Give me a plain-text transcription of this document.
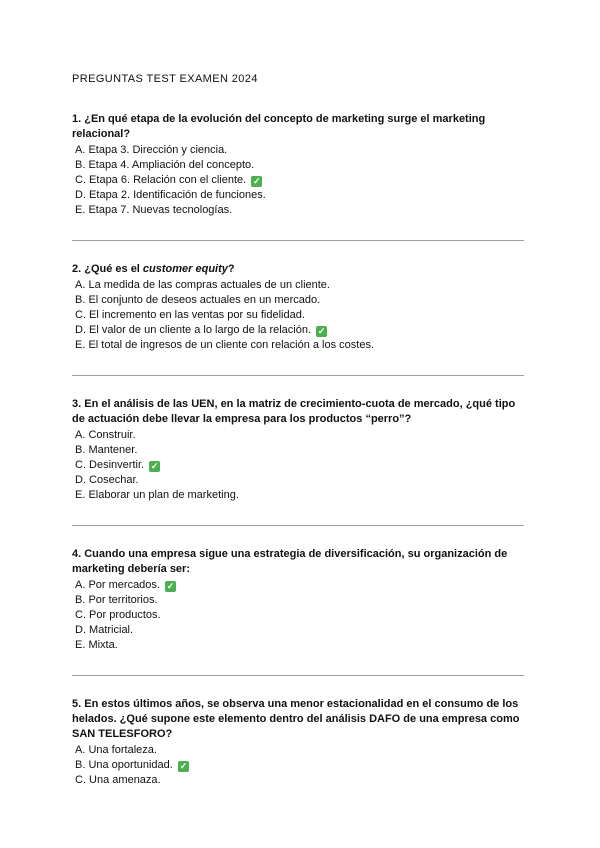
PREGUNTAS TEST EXAMEN 2024
1. ¿En qué etapa de la evolución del concepto de marketing surge el marketing relacional?
A. Etapa 3. Dirección y ciencia.
B. Etapa 4. Ampliación del concepto.
C. Etapa 6. Relación con el cliente. ✓
D. Etapa 2. Identificación de funciones.
E. Etapa 7. Nuevas tecnologías.
2. ¿Qué es el customer equity?
A. La medida de las compras actuales de un cliente.
B. El conjunto de deseos actuales en un mercado.
C. El incremento en las ventas por su fidelidad.
D. El valor de un cliente a lo largo de la relación. ✓
E. El total de ingresos de un cliente con relación a los costes.
3. En el análisis de las UEN, en la matriz de crecimiento-cuota de mercado, ¿qué tipo de actuación debe llevar la empresa para los productos “perro”?
A. Construir.
B. Mantener.
C. Desinvertir. ✓
D. Cosechar.
E. Elaborar un plan de marketing.
4. Cuando una empresa sigue una estrategia de diversificación, su organización de marketing debería ser:
A. Por mercados. ✓
B. Por territorios.
C. Por productos.
D. Matricial.
E. Mixta.
5. En estos últimos años, se observa una menor estacionalidad en el consumo de los helados. ¿Qué supone este elemento dentro del análisis DAFO de una empresa como SAN TELESFORO?
A. Una fortaleza.
B. Una oportunidad. ✓
C. Una amenaza.
